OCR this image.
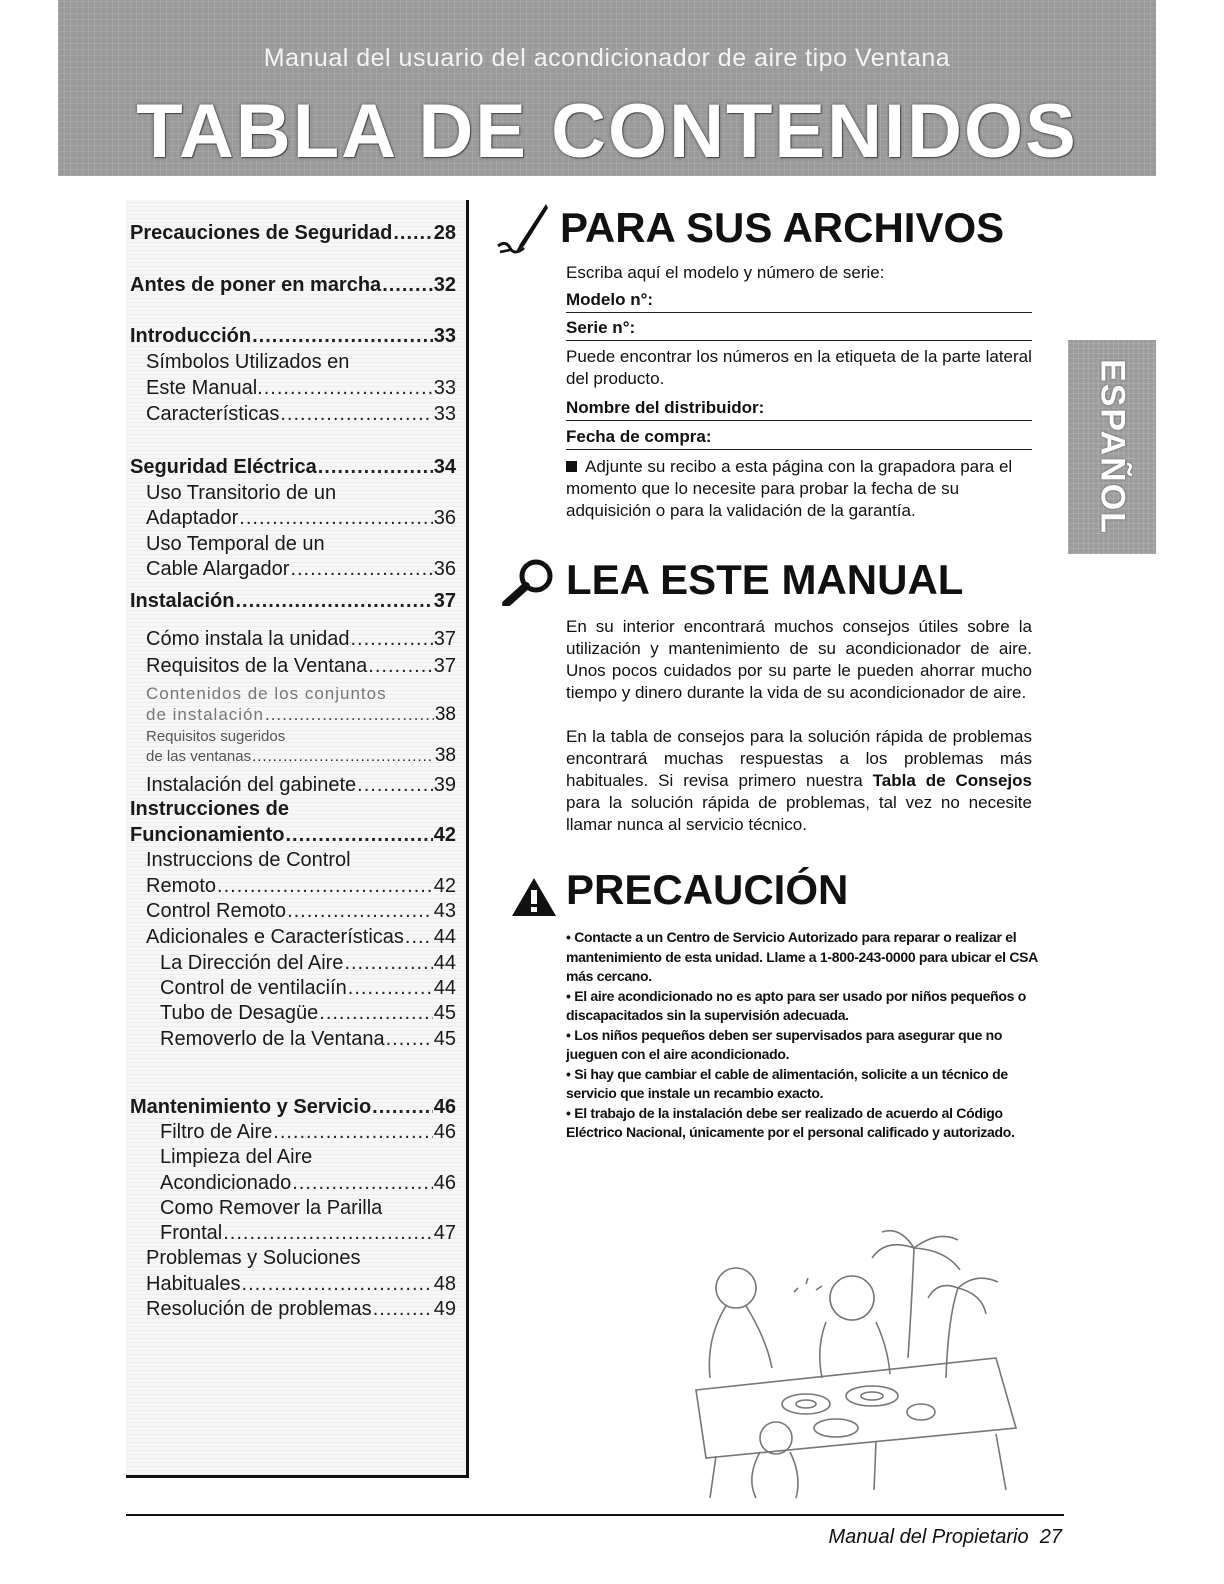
Manual del usuario del acondicionador de aire tipo Ventana
TABLA DE CONTENIDOS
ESPAÑOL
Precauciones de Seguridad ..... 28
Antes de poner en marcha .....	32
Introducción .....	33
Símbolos Utilizados en
Este Manual. .....	33
Características .....	33
Seguridad Eléctrica .....	34
Uso Transitorio de un
Adaptador .....	36
Uso Temporal de un
Cable Alargador .....	36
Instalación .....	37
Cómo instala la unidad .....	37
Requisitos de la Ventana .....	37
Contenidos de los conjuntos
de instalación .....	38
Requisitos sugeridos
de las ventanas .....	38
Instalación del gabinete .....	39
Instrucciones de
Funcionamiento .....	42
Instruccions de Control
Remoto .....	42
Control Remoto .....	43
Adicionales e Características ..... 44
La Dirección del Aire .....	44
Control de ventilaciín .....	44
Tubo de Desagüe .....	45
Removerlo de la Ventana ..... 45
Mantenimiento y Servicio .....	46
Filtro de Aire .....	46
Limpieza del Aire
Acondicionado .....	46
Como Remover la Parilla
Frontal .....	47
Problemas y Soluciones
Habituales .....	48
Resolución de problemas .....	49
PARA SUS ARCHIVOS
Escriba aquí el modelo y número de serie:
Modelo n°:
Serie n°:
Puede encontrar los números en la etiqueta de la parte lateral del producto.
Nombre del distribuidor:
Fecha de compra:
Adjunte su recibo a esta página con la grapadora para el momento que lo necesite para probar la fecha de su adquisición o para la validación de la garantía.
LEA ESTE MANUAL
En su interior encontrará muchos consejos útiles sobre la utilización y mantenimiento de su acondicionador de aire. Unos pocos cuidados por su parte le pueden ahorrar mucho tiempo y dinero durante la vida de su acondicionador de aire.
En la tabla de consejos para la solución rápida de problemas encontrará muchas respuestas a los problemas más habituales. Si revisa primero nuestra Tabla de Consejos para la solución rápida de problemas, tal vez no necesite llamar nunca al servicio técnico.
PRECAUCIÓN
• Contacte a un Centro de Servicio Autorizado para reparar o realizar el mantenimiento de esta unidad. Llame a 1-800-243-0000 para ubicar el CSA más cercano.
• El aire acondicionado no es apto para ser usado por niños pequeños o discapacitados sin la supervisión adecuada.
• Los niños pequeños deben ser supervisados para asegurar que no jueguen con el aire acondicionado.
• Si hay que cambiar el cable de alimentación, solicite a un técnico de servicio que instale un recambio exacto.
• El trabajo de la instalación debe ser realizado de acuerdo al Código Eléctrico Nacional, únicamente por el personal calificado y autorizado.
Manual del Propietario 27
